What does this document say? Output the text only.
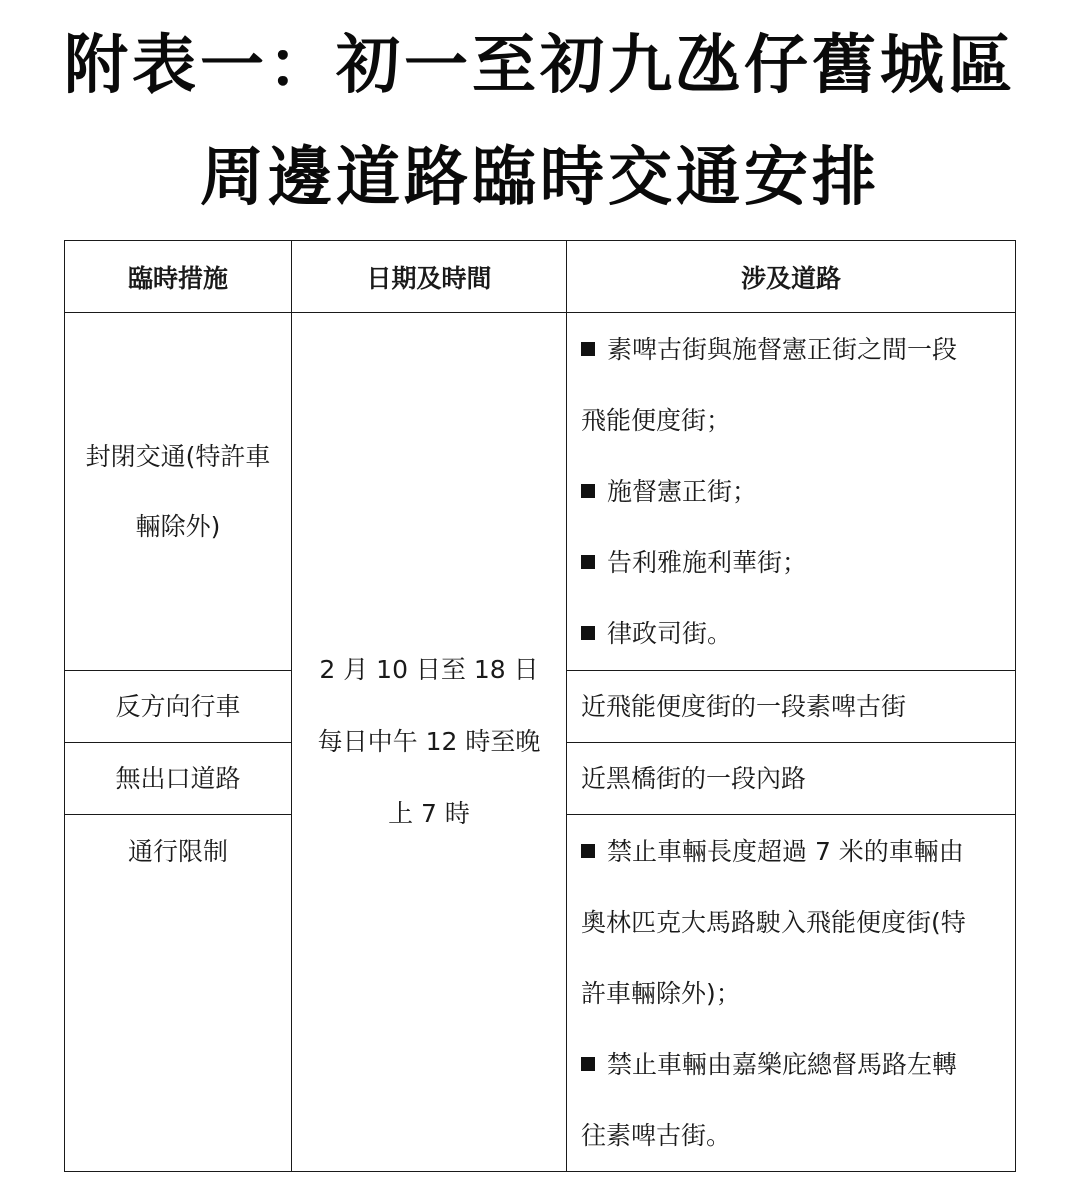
附表一：初一至初九氹仔舊城區
周邊道路臨時交通安排
臨時措施	日期及時間	涉及道路

封閉交通(特許車
輛除外)	2 月 10 日至 18 日
每日中午 12 時至晚
上 7 時	素啤古街與施督憲正街之間一段
飛能便度街；
施督憲正街；
告利雅施利華街；
律政司街。

反方向行車		近飛能便度街的一段素啤古街
無出口道路		近黑橋街的一段內路

通行限制		禁止車輛長度超過 7 米的車輛由
奧林匹克大馬路駛入飛能便度街(特
許車輛除外)；
禁止車輛由嘉樂庇總督馬路左轉
往素啤古街。
